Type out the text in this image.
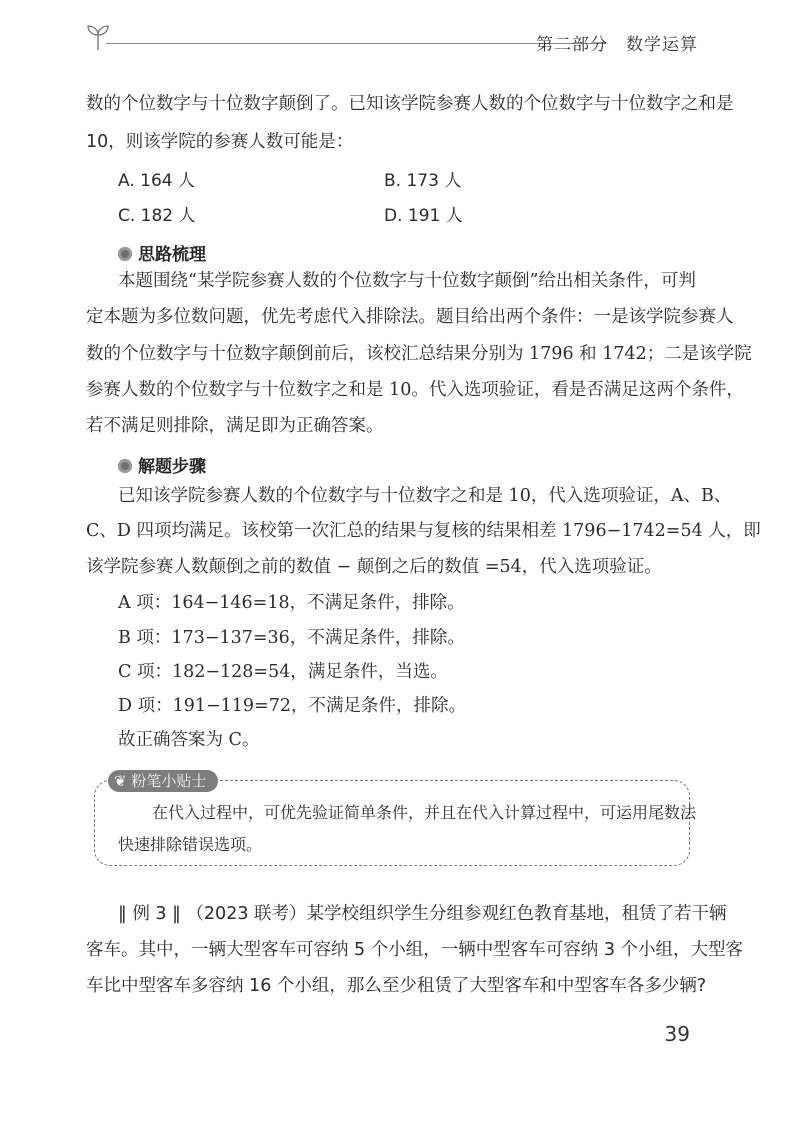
第二部分　数学运算

数的个位数字与十位数字颠倒了。已知该学院参赛人数的个位数字与十位数字之和是

10，则该学院的参赛人数可能是：

A. 164 人	B. 173 人
C. 182 人	D. 191 人
思路梳理

本题围绕“某学院参赛人数的个位数字与十位数字颠倒”给出相关条件，可判

定本题为多位数问题，优先考虑代入排除法。题目给出两个条件：一是该学院参赛人

数的个位数字与十位数字颠倒前后，该校汇总结果分别为 1796 和 1742；二是该学院

参赛人数的个位数字与十位数字之和是 10。代入选项验证，看是否满足这两个条件，

若不满足则排除，满足即为正确答案。

解题步骤

已知该学院参赛人数的个位数字与十位数字之和是 10，代入选项验证，A、B、

C、D 四项均满足。该校第一次汇总的结果与复核的结果相差 1796−1742=54 人，即

该学院参赛人数颠倒之前的数值 − 颠倒之后的数值 =54，代入选项验证。

A 项：164−146=18，不满足条件，排除。

B 项：173−137=36，不满足条件，排除。

C 项：182−128=54，满足条件，当选。

D 项：191−119=72，不满足条件，排除。

故正确答案为 C。

❦ 粉笔小贴士
在代入过程中，可优先验证简单条件，并且在代入计算过程中，可运用尾数法
快速排除错误选项。

‖ 例 3 ‖ （2023 联考）某学校组织学生分组参观红色教育基地，租赁了若干辆

客车。其中，一辆大型客车可容纳 5 个小组，一辆中型客车可容纳 3 个小组，大型客

车比中型客车多容纳 16 个小组，那么至少租赁了大型客车和中型客车各多少辆?

39
